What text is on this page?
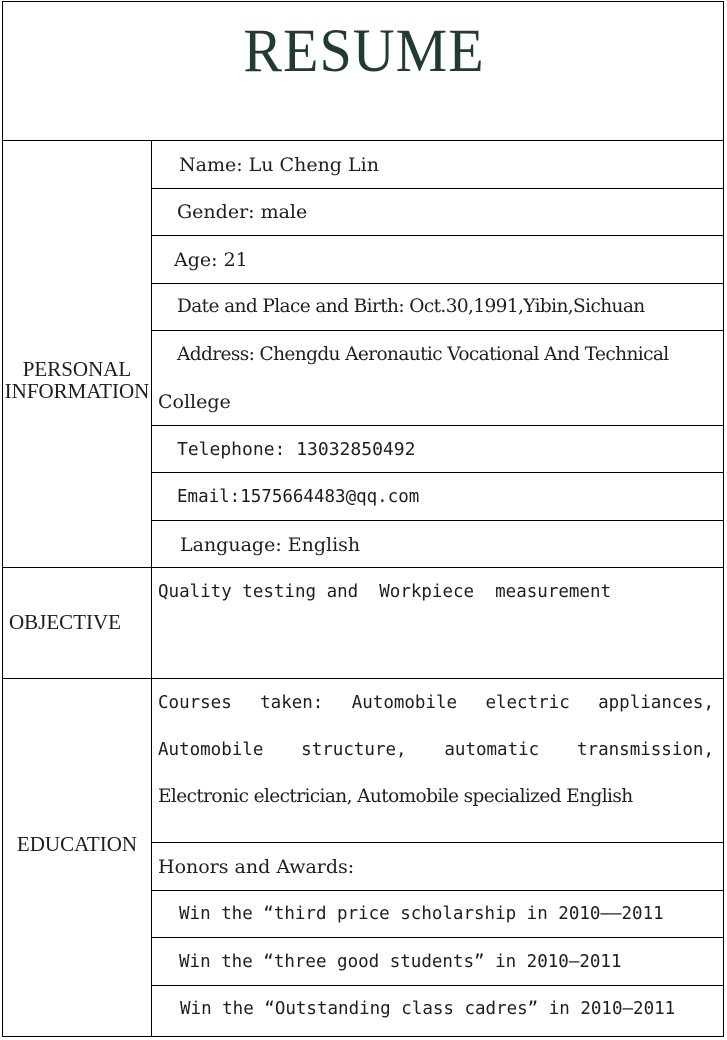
RESUME
PERSONAL
INFORMATION
OBJECTIVE
EDUCATION
Name: Lu Cheng Lin
Gender: male
Age: 21
Date and Place and Birth: Oct.30,1991,Yibin,Sichuan
Address: Chengdu Aeronautic Vocational And Technical
College
Telephone: 13032850492
Email:1575664483@qq.com
Language: English
Quality testing and  Workpiece  measurement
Courses taken: Automobile electric appliances,
Automobile structure, automatic transmission,
Electronic electrician, Automobile specialized English
Honors and Awards:
Win the “third price scholarship in 2010——2011
Win the “three good students” in 2010—2011
Win the “Outstanding class cadres” in 2010—2011
